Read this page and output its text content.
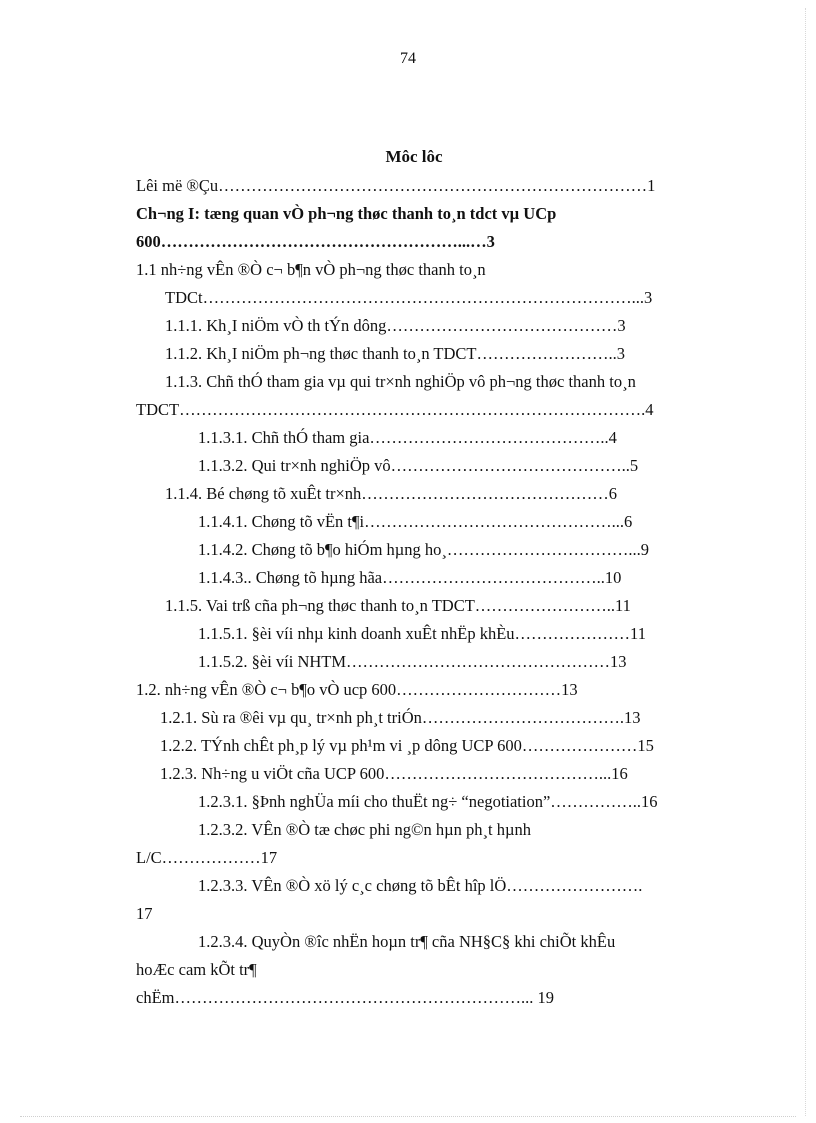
74
Môc lôc
Lêi më ®Çu……………………………………………………………………1
Ch¬ng I: tæng quan vÒ ph¬ng thøc thanh to¸n tdct vµ UCp
600………………………………………………...…3
1.1 nh÷ng vÊn ®Ò c¬ b¶n vÒ ph¬ng thøc thanh to¸n
TDCt……………………………………………………………………...3
1.1.1. Kh¸I niÖm vÒ th tÝn dông……………………………………3
1.1.2. Kh¸I niÖm ph¬ng thøc thanh to¸n TDCT……………………..3
1.1.3. Chñ thÓ tham gia vµ qui tr×nh nghiÖp vô ph¬ng thøc thanh to¸n
TDCT………………………………………………………………………….4
1.1.3.1. Chñ thÓ tham gia……………………………………..4
1.1.3.2. Qui tr×nh nghiÖp vô……………………………………..5
1.1.4. Bé chøng tõ xuÊt tr×nh………………………………………6
1.1.4.1. Chøng tõ vËn t¶i………………………………………...6
1.1.4.2. Chøng tõ b¶o hiÓm hµng ho¸……………………………...9
1.1.4.3.. Chøng tõ hµng hãa…………………………………..10
1.1.5. Vai trß cña ph¬ng thøc thanh to¸n TDCT……………………..11
1.1.5.1. §èi víi nhµ kinh doanh xuÊt nhËp khÈu…………………11
1.1.5.2. §èi víi NHTM…………………………………………13
1.2. nh÷ng vÊn ®Ò c¬ b¶o vÒ ucp 600…………………………13
1.2.1. Sù ra ®êi vµ qu¸ tr×nh ph¸t triÓn……………………………….13
1.2.2. TÝnh chÊt ph¸p lý vµ ph¹m vi ¸p dông UCP 600…………………15
1.2.3. Nh÷ng u viÖt cña UCP 600…………………………………...16
1.2.3.1. §Þnh nghÜa míi cho thuËt ng÷ “negotiation”……………..16
1.2.3.2. VÊn ®Ò tæ chøc phi ng©n hµn ph¸t hµnh
L/C………………17
1.2.3.3. VÊn ®Ò xö lý c¸c chøng tõ bÊt hîp lÖ…………………….
17
1.2.3.4. QuyÒn ®îc nhËn hoµn tr¶ cña NH§C§ khi chiÕt khÊu
hoÆc cam kÕt tr¶
chËm………………………………………………………... 19
